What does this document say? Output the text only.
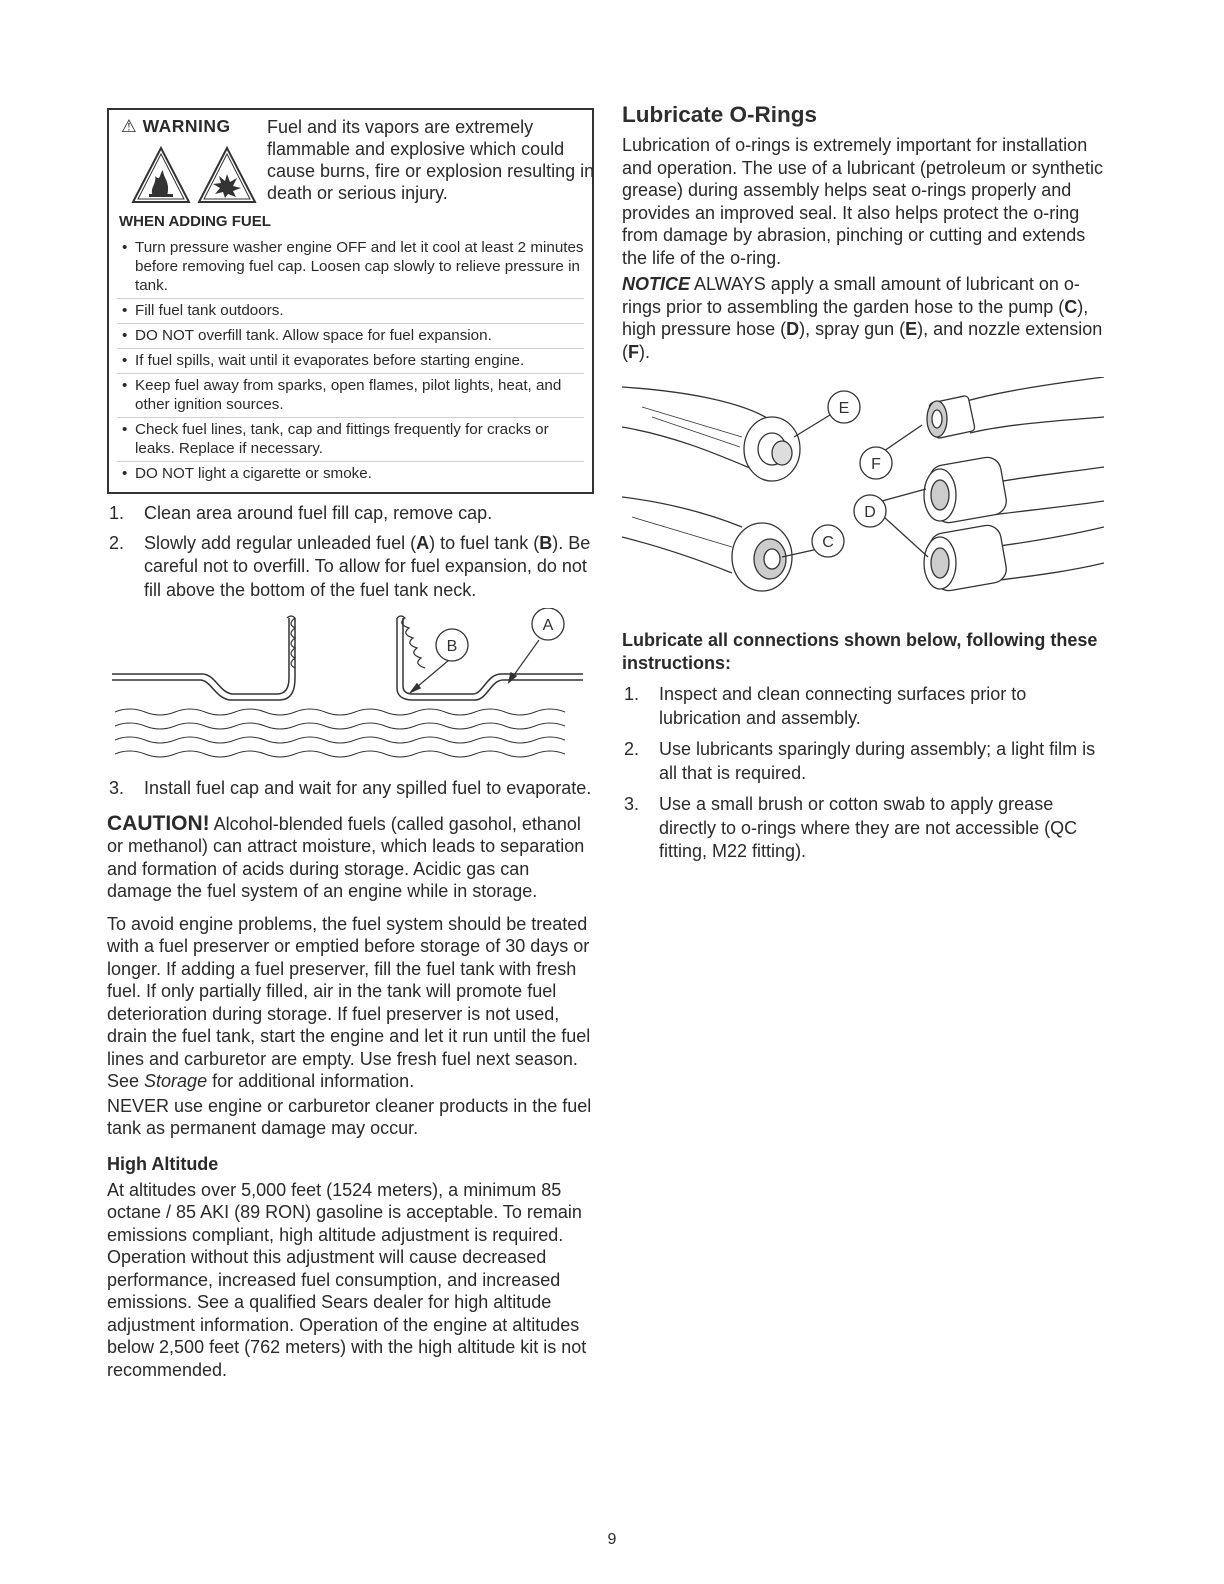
⚠ WARNING Fuel and its vapors are extremely flammable and explosive which could cause burns, fire or explosion resulting in death or serious injury.
WHEN ADDING FUEL
• Turn pressure washer engine OFF and let it cool at least 2 minutes before removing fuel cap. Loosen cap slowly to relieve pressure in tank.
• Fill fuel tank outdoors.
• DO NOT overfill tank. Allow space for fuel expansion.
• If fuel spills, wait until it evaporates before starting engine.
• Keep fuel away from sparks, open flames, pilot lights, heat, and other ignition sources.
• Check fuel lines, tank, cap and fittings frequently for cracks or leaks. Replace if necessary.
• DO NOT light a cigarette or smoke.
1. Clean area around fuel fill cap, remove cap.
2. Slowly add regular unleaded fuel (A) to fuel tank (B). Be careful not to overfill. To allow for fuel expansion, do not fill above the bottom of the fuel tank neck.
B
A
3. Install fuel cap and wait for any spilled fuel to evaporate.

CAUTION! Alcohol-blended fuels (called gasohol, ethanol or methanol) can attract moisture, which leads to separation and formation of acids during storage. Acidic gas can damage the fuel system of an engine while in storage.

To avoid engine problems, the fuel system should be treated with a fuel preserver or emptied before storage of 30 days or longer. If adding a fuel preserver, fill the fuel tank with fresh fuel. If only partially filled, air in the tank will promote fuel deterioration during storage. If fuel preserver is not used, drain the fuel tank, start the engine and let it run until the fuel lines and carburetor are empty. Use fresh fuel next season. See Storage for additional information.

NEVER use engine or carburetor cleaner products in the fuel tank as permanent damage may occur.

High Altitude

At altitudes over 5,000 feet (1524 meters), a minimum 85 octane / 85 AKI (89 RON) gasoline is acceptable. To remain emissions compliant, high altitude adjustment is required. Operation without this adjustment will cause decreased performance, increased fuel consumption, and increased emissions. See a qualified Sears dealer for high altitude adjustment information. Operation of the engine at altitudes below 2,500 feet (762 meters) with the high altitude kit is not recommended.

Lubricate O-Rings

Lubrication of o-rings is extremely important for installation and operation. The use of a lubricant (petroleum or synthetic grease) during assembly helps seat o-rings properly and provides an improved seal. It also helps protect the o-ring from damage by abrasion, pinching or cutting and extends the life of the o-ring.

NOTICE ALWAYS apply a small amount of lubricant on o-rings prior to assembling the garden hose to the pump (C), high pressure hose (D), spray gun (E), and nozzle extension (F).

E
F
D
C
Lubricate all connections shown below, following these instructions:
1. Inspect and clean connecting surfaces prior to lubrication and assembly.
2. Use lubricants sparingly during assembly; a light film is all that is required.
3. Use a small brush or cotton swab to apply grease directly to o-rings where they are not accessible (QC fitting, M22 fitting).
9
